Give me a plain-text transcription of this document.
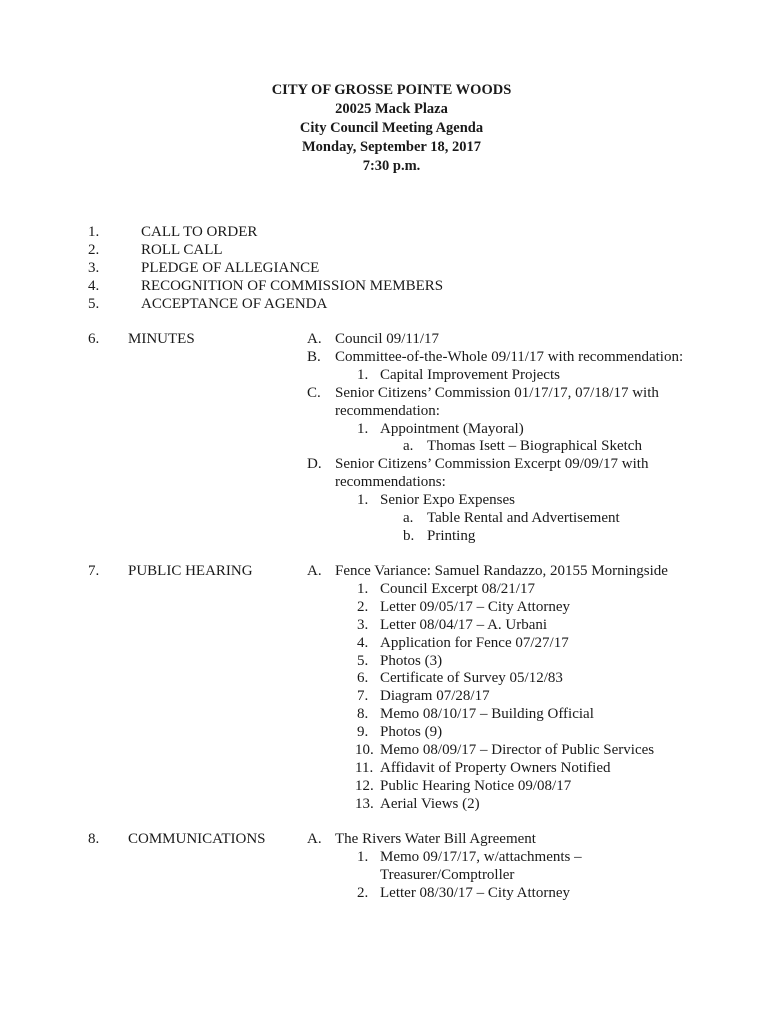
CITY OF GROSSE POINTE WOODS
20025 Mack Plaza
City Council Meeting Agenda
Monday, September 18, 2017
7:30 p.m.
1.	CALL TO ORDER
2.	ROLL CALL
3.	PLEDGE OF ALLEGIANCE
4.	RECOGNITION OF COMMISSION MEMBERS
5.	ACCEPTANCE OF AGENDA
6. MINUTES	A. Council 09/11/17
B. Committee-of-the-Whole 09/11/17 with recommendation:
1. Capital Improvement Projects
C. Senior Citizens’ Commission 01/17/17, 07/18/17 with
recommendation:
1. Appointment (Mayoral)
a. Thomas Isett – Biographical Sketch
D. Senior Citizens’ Commission Excerpt 09/09/17 with
recommendations:
1. Senior Expo Expenses
a. Table Rental and Advertisement
b. Printing
7. PUBLIC HEARING	A. Fence Variance: Samuel Randazzo, 20155 Morningside
1. Council Excerpt 08/21/17
2. Letter 09/05/17 – City Attorney
3. Letter 08/04/17 – A. Urbani
4. Application for Fence 07/27/17
5. Photos (3)
6. Certificate of Survey 05/12/83
7. Diagram 07/28/17
8. Memo 08/10/17 – Building Official
9. Photos (9)
10. Memo 08/09/17 – Director of Public Services
11. Affidavit of Property Owners Notified
12. Public Hearing Notice 09/08/17
13. Aerial Views (2)
8. COMMUNICATIONS	A. The Rivers Water Bill Agreement
1. Memo 09/17/17, w/attachments –
Treasurer/Comptroller
2. Letter 08/30/17 – City Attorney
